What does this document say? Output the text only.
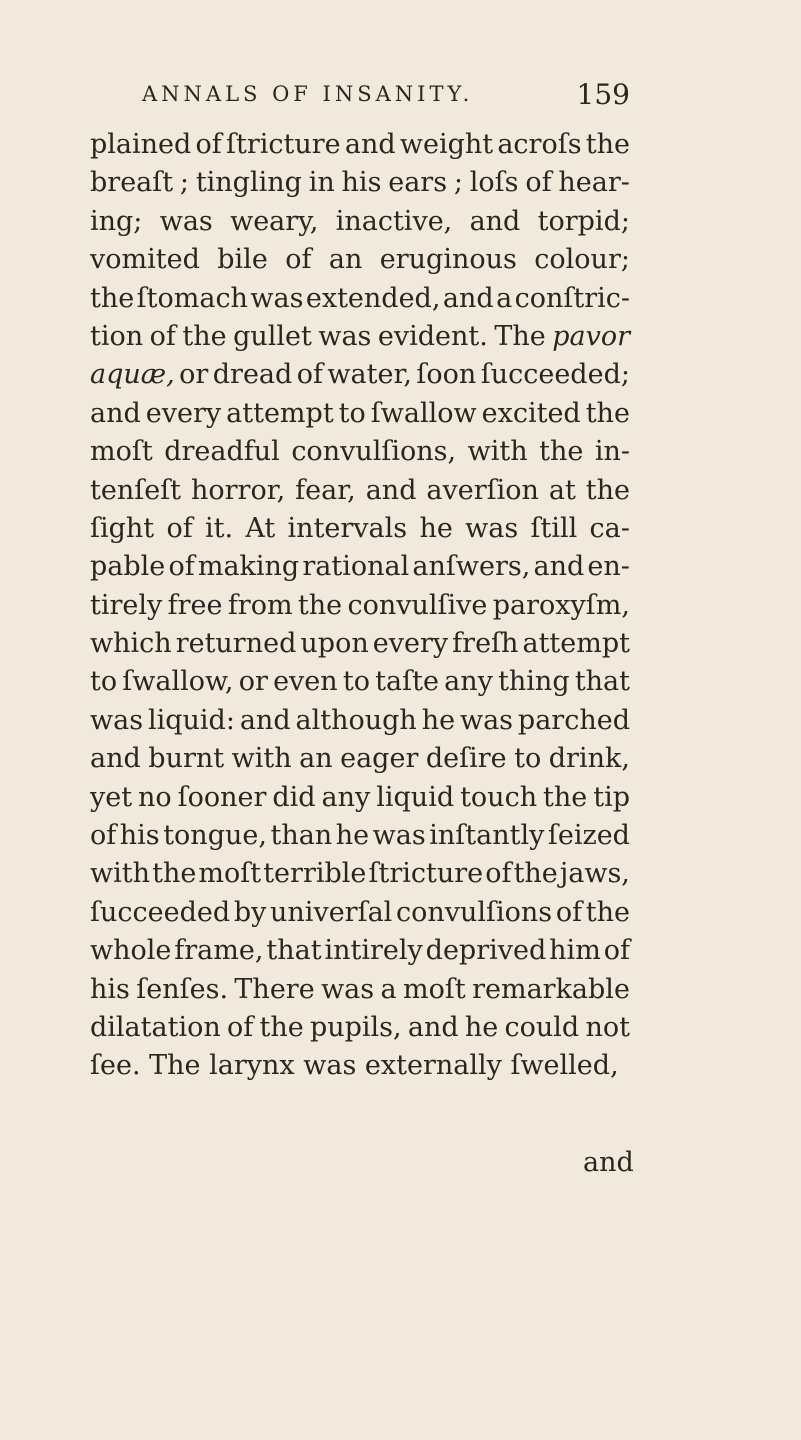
ANNALS OF INSANITY.	159
plained of ſtricture and weight acroſs the
breaſt ; tingling in his ears ; loſs of hear-
ing; was weary, inactive, and torpid;
vomited bile of an eruginous colour;
the ſtomach was extended, and a conſtric-
tion of the gullet was evident. The pavor
aquæ, or dread of water, ſoon ſucceeded;
and every attempt to ſwallow excited the
moſt dreadful convulſions, with the in-
tenſeſt horror, fear, and averſion at the
ſight of it. At intervals he was ſtill ca-
pable of making rational anſwers, and en-
tirely free from the convulſive paroxyſm,
which returned upon every freſh attempt
to ſwallow, or even to taſte any thing that
was liquid: and although he was parched
and burnt with an eager deſire to drink,
yet no ſooner did any liquid touch the tip
of his tongue, than he was inſtantly ſeized
with the moſt terrible ſtricture of the jaws,
ſucceeded by univerſal convulſions of the
whole frame, that intirely deprived him of
his ſenſes. There was a moſt remarkable
dilatation of the pupils, and he could not
ſee. The larynx was externally ſwelled,
and
